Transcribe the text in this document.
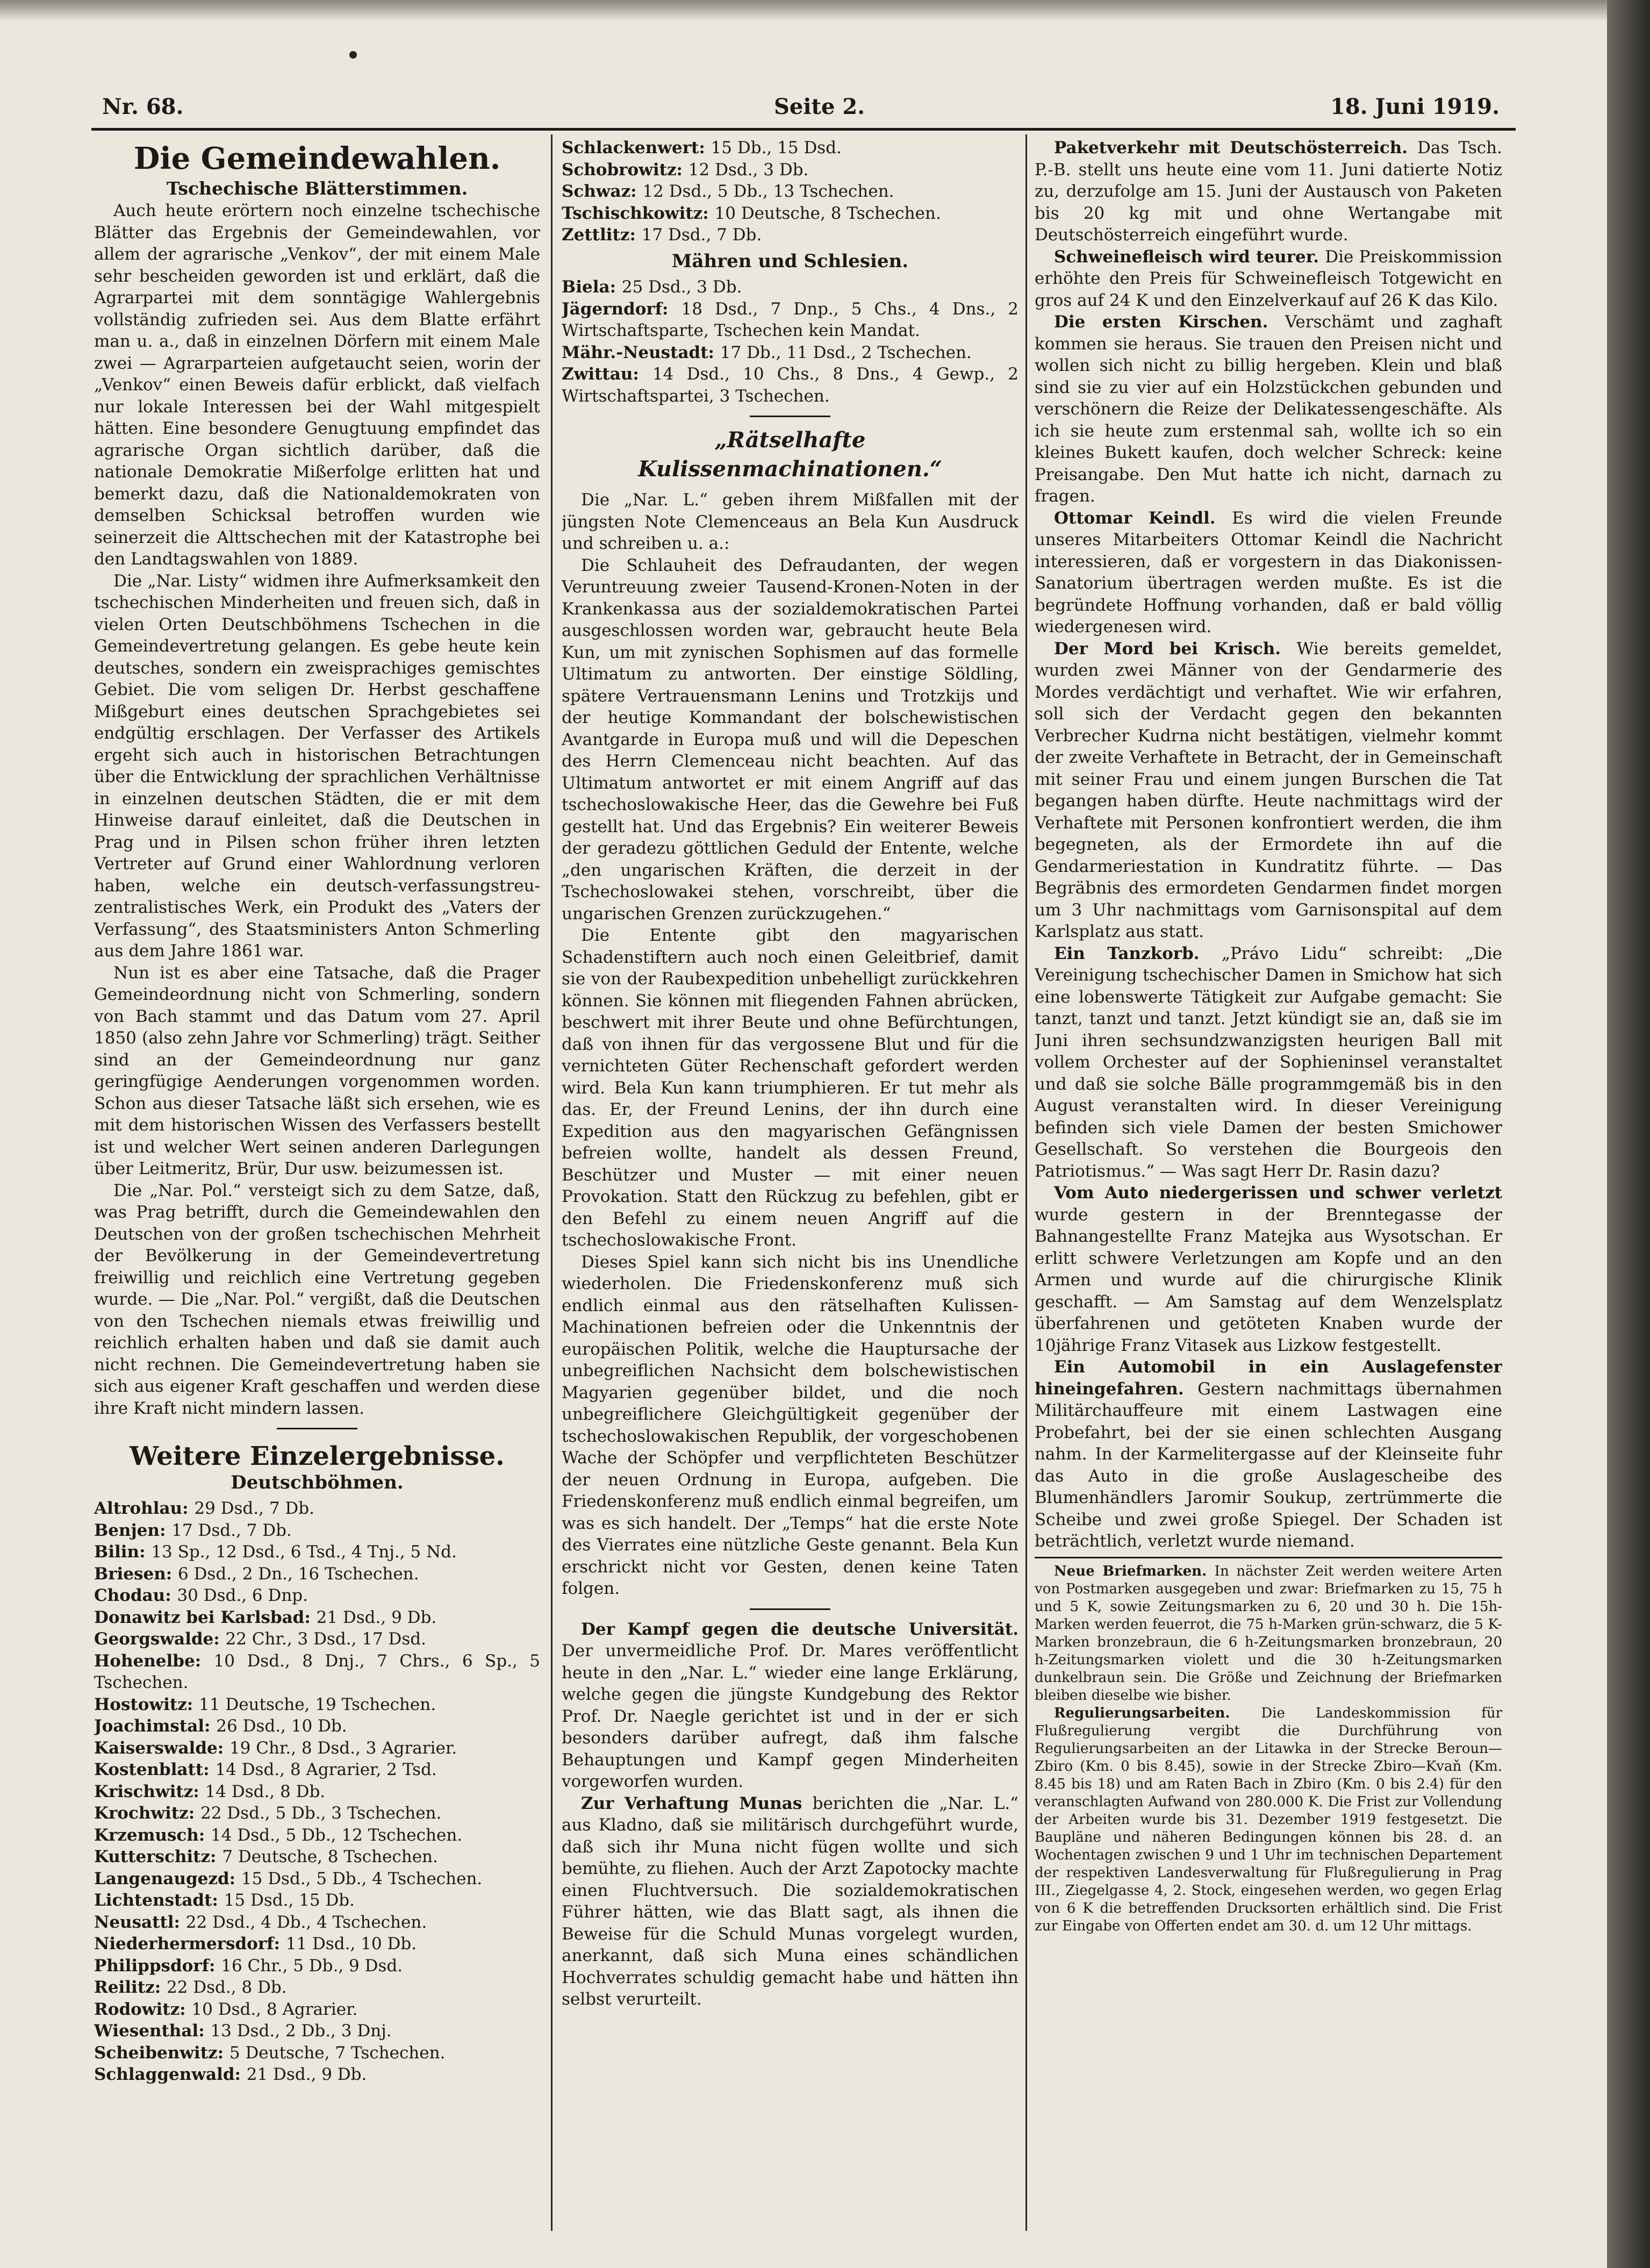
Nr. 68.	Seite 2.	18. Juni 1919.
Die Gemeindewahlen.
Tschechische Blätterstimmen.

Auch heute erörtern noch einzelne tschechische Blätter das Ergebnis der Gemeindewahlen, vor allem der agrarische „Venkov“, der mit einem Male sehr bescheiden geworden ist und erklärt, daß die Agrarpartei mit dem sonntägige Wahlergebnis vollständig zufrieden sei. Aus dem Blatte erfährt man u. a., daß in einzelnen Dörfern mit einem Male zwei — Agrarparteien aufgetaucht seien, worin der „Venkov“ einen Beweis dafür erblickt, daß vielfach nur lokale Interessen bei der Wahl mitgespielt hätten. Eine besondere Genugtuung empfindet das agrarische Organ sichtlich darüber, daß die nationale Demokratie Mißerfolge erlitten hat und bemerkt dazu, daß die Nationaldemokraten von demselben Schicksal betroffen wurden wie seinerzeit die Alttschechen mit der Katastrophe bei den Landtagswahlen von 1889.

Die „Nar. Listy“ widmen ihre Aufmerksamkeit den tschechischen Minderheiten und freuen sich, daß in vielen Orten Deutschböhmens Tschechen in die Gemeindevertretung gelangen. Es gebe heute kein deutsches, sondern ein zweisprachiges gemischtes Gebiet. Die vom seligen Dr. Herbst geschaffene Mißgeburt eines deutschen Sprachgebietes sei endgültig erschlagen. Der Verfasser des Artikels ergeht sich auch in historischen Betrachtungen über die Entwicklung der sprachlichen Verhältnisse in einzelnen deutschen Städten, die er mit dem Hinweise darauf einleitet, daß die Deutschen in Prag und in Pilsen schon früher ihren letzten Vertreter auf Grund einer Wahlordnung verloren haben, welche ein deutsch-verfassungstreu-zentralistisches Werk, ein Produkt des „Vaters der Verfassung“, des Staatsministers Anton Schmerling aus dem Jahre 1861 war.

Nun ist es aber eine Tatsache, daß die Prager Gemeindeordnung nicht von Schmerling, sondern von Bach stammt und das Datum vom 27. April 1850 (also zehn Jahre vor Schmerling) trägt. Seither sind an der Gemeindeordnung nur ganz geringfügige Aenderungen vorgenommen worden. Schon aus dieser Tatsache läßt sich ersehen, wie es mit dem historischen Wissen des Verfassers bestellt ist und welcher Wert seinen anderen Darlegungen über Leitmeritz, Brür, Dur usw. beizumessen ist.

Die „Nar. Pol.“ versteigt sich zu dem Satze, daß, was Prag betrifft, durch die Gemeindewahlen den Deutschen von der großen tschechischen Mehrheit der Bevölkerung in der Gemeindevertretung freiwillig und reichlich eine Vertretung gegeben wurde. — Die „Nar. Pol.“ vergißt, daß die Deutschen von den Tschechen niemals etwas freiwillig und reichlich erhalten haben und daß sie damit auch nicht rechnen. Die Gemeindevertretung haben sie sich aus eigener Kraft geschaffen und werden diese ihre Kraft nicht mindern lassen.

Weitere Einzelergebnisse.
Deutschböhmen.

Altrohlau: 29 Dsd., 7 Db.

Benjen: 17 Dsd., 7 Db.

Bilin: 13 Sp., 12 Dsd., 6 Tsd., 4 Tnj., 5 Nd.

Briesen: 6 Dsd., 2 Dn., 16 Tschechen.

Chodau: 30 Dsd., 6 Dnp.

Donawitz bei Karlsbad: 21 Dsd., 9 Db.

Georgswalde: 22 Chr., 3 Dsd., 17 Dsd.

Hohenelbe: 10 Dsd., 8 Dnj., 7 Chrs., 6 Sp., 5 Tschechen.

Hostowitz: 11 Deutsche, 19 Tschechen.

Joachimstal: 26 Dsd., 10 Db.

Kaiserswalde: 19 Chr., 8 Dsd., 3 Agrarier.

Kostenblatt: 14 Dsd., 8 Agrarier, 2 Tsd.

Krischwitz: 14 Dsd., 8 Db.

Krochwitz: 22 Dsd., 5 Db., 3 Tschechen.

Krzemusch: 14 Dsd., 5 Db., 12 Tschechen.

Kutterschitz: 7 Deutsche, 8 Tschechen.

Langenaugezd: 15 Dsd., 5 Db., 4 Tschechen.

Lichtenstadt: 15 Dsd., 15 Db.

Neusattl: 22 Dsd., 4 Db., 4 Tschechen.

Niederhermersdorf: 11 Dsd., 10 Db.

Philippsdorf: 16 Chr., 5 Db., 9 Dsd.

Reilitz: 22 Dsd., 8 Db.

Rodowitz: 10 Dsd., 8 Agrarier.

Wiesenthal: 13 Dsd., 2 Db., 3 Dnj.

Scheibenwitz: 5 Deutsche, 7 Tschechen.

Schlaggenwald: 21 Dsd., 9 Db.

Schlackenwert: 15 Db., 15 Dsd.

Schobrowitz: 12 Dsd., 3 Db.

Schwaz: 12 Dsd., 5 Db., 13 Tschechen.

Tschischkowitz: 10 Deutsche, 8 Tschechen.

Zettlitz: 17 Dsd., 7 Db.

Mähren und Schlesien.

Biela: 25 Dsd., 3 Db.

Jägerndorf: 18 Dsd., 7 Dnp., 5 Chs., 4 Dns., 2 Wirtschaftsparte, Tschechen kein Mandat.

Mähr.-Neustadt: 17 Db., 11 Dsd., 2 Tschechen.

Zwittau: 14 Dsd., 10 Chs., 8 Dns., 4 Gewp., 2 Wirtschaftspartei, 3 Tschechen.

„Rätselhafte Kulissenmachinationen.“

Die „Nar. L.“ geben ihrem Mißfallen mit der jüngsten Note Clemenceaus an Bela Kun Ausdruck und schreiben u. a.:

Die Schlauheit des Defraudanten, der wegen Veruntreuung zweier Tausend-Kronen-Noten in der Krankenkassa aus der sozialdemokratischen Partei ausgeschlossen worden war, gebraucht heute Bela Kun, um mit zynischen Sophismen auf das formelle Ultimatum zu antworten. Der einstige Söldling, spätere Vertrauensmann Lenins und Trotzkijs und der heutige Kommandant der bolschewistischen Avantgarde in Europa muß und will die Depeschen des Herrn Clemenceau nicht beachten. Auf das Ultimatum antwortet er mit einem Angriff auf das tschechoslowakische Heer, das die Gewehre bei Fuß gestellt hat. Und das Ergebnis? Ein weiterer Beweis der geradezu göttlichen Geduld der Entente, welche „den ungarischen Kräften, die derzeit in der Tschechoslowakei stehen, vorschreibt, über die ungarischen Grenzen zurückzugehen.“

Die Entente gibt den magyarischen Schadenstiftern auch noch einen Geleitbrief, damit sie von der Raubexpedition unbehelligt zurückkehren können. Sie können mit fliegenden Fahnen abrücken, beschwert mit ihrer Beute und ohne Befürchtungen, daß von ihnen für das vergossene Blut und für die vernichteten Güter Rechenschaft gefordert werden wird. Bela Kun kann triumphieren. Er tut mehr als das. Er, der Freund Lenins, der ihn durch eine Expedition aus den magyarischen Gefängnissen befreien wollte, handelt als dessen Freund, Beschützer und Muster — mit einer neuen Provokation. Statt den Rückzug zu befehlen, gibt er den Befehl zu einem neuen Angriff auf die tschechoslowakische Front.

Dieses Spiel kann sich nicht bis ins Unendliche wiederholen. Die Friedenskonferenz muß sich endlich einmal aus den rätselhaften Kulissen-Machinationen befreien oder die Unkenntnis der europäischen Politik, welche die Hauptursache der unbegreiflichen Nachsicht dem bolschewistischen Magyarien gegenüber bildet, und die noch unbegreiflichere Gleichgültigkeit gegenüber der tschechoslowakischen Republik, der vorgeschobenen Wache der Schöpfer und verpflichteten Beschützer der neuen Ordnung in Europa, aufgeben. Die Friedenskonferenz muß endlich einmal begreifen, um was es sich handelt. Der „Temps“ hat die erste Note des Vierrates eine nützliche Geste genannt. Bela Kun erschrickt nicht vor Gesten, denen keine Taten folgen.

Der Kampf gegen die deutsche Universität. Der unvermeidliche Prof. Dr. Mares veröffentlicht heute in den „Nar. L.“ wieder eine lange Erklärung, welche gegen die jüngste Kundgebung des Rektor Prof. Dr. Naegle gerichtet ist und in der er sich besonders darüber aufregt, daß ihm falsche Behauptungen und Kampf gegen Minderheiten vorgeworfen wurden.

Zur Verhaftung Munas berichten die „Nar. L.“ aus Kladno, daß sie militärisch durchgeführt wurde, daß sich ihr Muna nicht fügen wollte und sich bemühte, zu fliehen. Auch der Arzt Zapotocky machte einen Fluchtversuch. Die sozialdemokratischen Führer hätten, wie das Blatt sagt, als ihnen die Beweise für die Schuld Munas vorgelegt wurden, anerkannt, daß sich Muna eines schändlichen Hochverrates schuldig gemacht habe und hätten ihn selbst verurteilt.

Paketverkehr mit Deutschösterreich. Das Tsch. P.-B. stellt uns heute eine vom 11. Juni datierte Notiz zu, derzufolge am 15. Juni der Austausch von Paketen bis 20 kg mit und ohne Wertangabe mit Deutschösterreich eingeführt wurde.

Schweinefleisch wird teurer. Die Preiskommission erhöhte den Preis für Schweinefleisch Totgewicht en gros auf 24 K und den Einzelverkauf auf 26 K das Kilo.

Die ersten Kirschen. Verschämt und zaghaft kommen sie heraus. Sie trauen den Preisen nicht und wollen sich nicht zu billig hergeben. Klein und blaß sind sie zu vier auf ein Holzstückchen gebunden und verschönern die Reize der Delikatessengeschäfte. Als ich sie heute zum erstenmal sah, wollte ich so ein kleines Bukett kaufen, doch welcher Schreck: keine Preisangabe. Den Mut hatte ich nicht, darnach zu fragen.

Ottomar Keindl. Es wird die vielen Freunde unseres Mitarbeiters Ottomar Keindl die Nachricht interessieren, daß er vorgestern in das Diakonissen-Sanatorium übertragen werden mußte. Es ist die begründete Hoffnung vorhanden, daß er bald völlig wiedergenesen wird.

Der Mord bei Krisch. Wie bereits gemeldet, wurden zwei Männer von der Gendarmerie des Mordes verdächtigt und verhaftet. Wie wir erfahren, soll sich der Verdacht gegen den bekannten Verbrecher Kudrna nicht bestätigen, vielmehr kommt der zweite Verhaftete in Betracht, der in Gemeinschaft mit seiner Frau und einem jungen Burschen die Tat begangen haben dürfte. Heute nachmittags wird der Verhaftete mit Personen konfrontiert werden, die ihm begegneten, als der Ermordete ihn auf die Gendarmeriestation in Kundratitz führte. — Das Begräbnis des ermordeten Gendarmen findet morgen um 3 Uhr nachmittags vom Garnisonspital auf dem Karlsplatz aus statt.

Ein Tanzkorb. „Právo Lidu“ schreibt: „Die Vereinigung tschechischer Damen in Smichow hat sich eine lobenswerte Tätigkeit zur Aufgabe gemacht: Sie tanzt, tanzt und tanzt. Jetzt kündigt sie an, daß sie im Juni ihren sechsundzwanzigsten heurigen Ball mit vollem Orchester auf der Sophieninsel veranstaltet und daß sie solche Bälle programmgemäß bis in den August veranstalten wird. In dieser Vereinigung befinden sich viele Damen der besten Smichower Gesellschaft. So verstehen die Bourgeois den Patriotismus.“ — Was sagt Herr Dr. Rasin dazu?

Vom Auto niedergerissen und schwer verletzt wurde gestern in der Brenntegasse der Bahnangestellte Franz Matejka aus Wysotschan. Er erlitt schwere Verletzungen am Kopfe und an den Armen und wurde auf die chirurgische Klinik geschafft. — Am Samstag auf dem Wenzelsplatz überfahrenen und getöteten Knaben wurde der 10jährige Franz Vitasek aus Lizkow festgestellt.

Ein Automobil in ein Auslagefenster hineingefahren. Gestern nachmittags übernahmen Militärchauffeure mit einem Lastwagen eine Probefahrt, bei der sie einen schlechten Ausgang nahm. In der Karmelitergasse auf der Kleinseite fuhr das Auto in die große Auslagescheibe des Blumenhändlers Jaromir Soukup, zertrümmerte die Scheibe und zwei große Spiegel. Der Schaden ist beträchtlich, verletzt wurde niemand.

Neue Briefmarken. In nächster Zeit werden weitere Arten von Postmarken ausgegeben und zwar: Briefmarken zu 15, 75 h und 5 K, sowie Zeitungsmarken zu 6, 20 und 30 h. Die 15h-Marken werden feuerrot, die 75 h-Marken grün-schwarz, die 5 K-Marken bronzebraun, die 6 h-Zeitungsmarken bronzebraun, 20 h-Zeitungsmarken violett und die 30 h-Zeitungsmarken dunkelbraun sein. Die Größe und Zeichnung der Briefmarken bleiben dieselbe wie bisher.

Regulierungsarbeiten. Die Landeskommission für Flußregulierung vergibt die Durchführung von Regulierungsarbeiten an der Litawka in der Strecke Beroun—Zbiro (Km. 0 bis 8.45), sowie in der Strecke Zbiro—Kvaň (Km. 8.45 bis 18) und am Raten Bach in Zbiro (Km. 0 bis 2.4) für den veranschlagten Aufwand von 280.000 K. Die Frist zur Vollendung der Arbeiten wurde bis 31. Dezember 1919 festgesetzt. Die Baupläne und näheren Bedingungen können bis 28. d. an Wochentagen zwischen 9 und 1 Uhr im technischen Departement der respektiven Landesverwaltung für Flußregulierung in Prag III., Ziegelgasse 4, 2. Stock, eingesehen werden, wo gegen Erlag von 6 K die betreffenden Drucksorten erhältlich sind. Die Frist zur Eingabe von Offerten endet am 30. d. um 12 Uhr mittags.
